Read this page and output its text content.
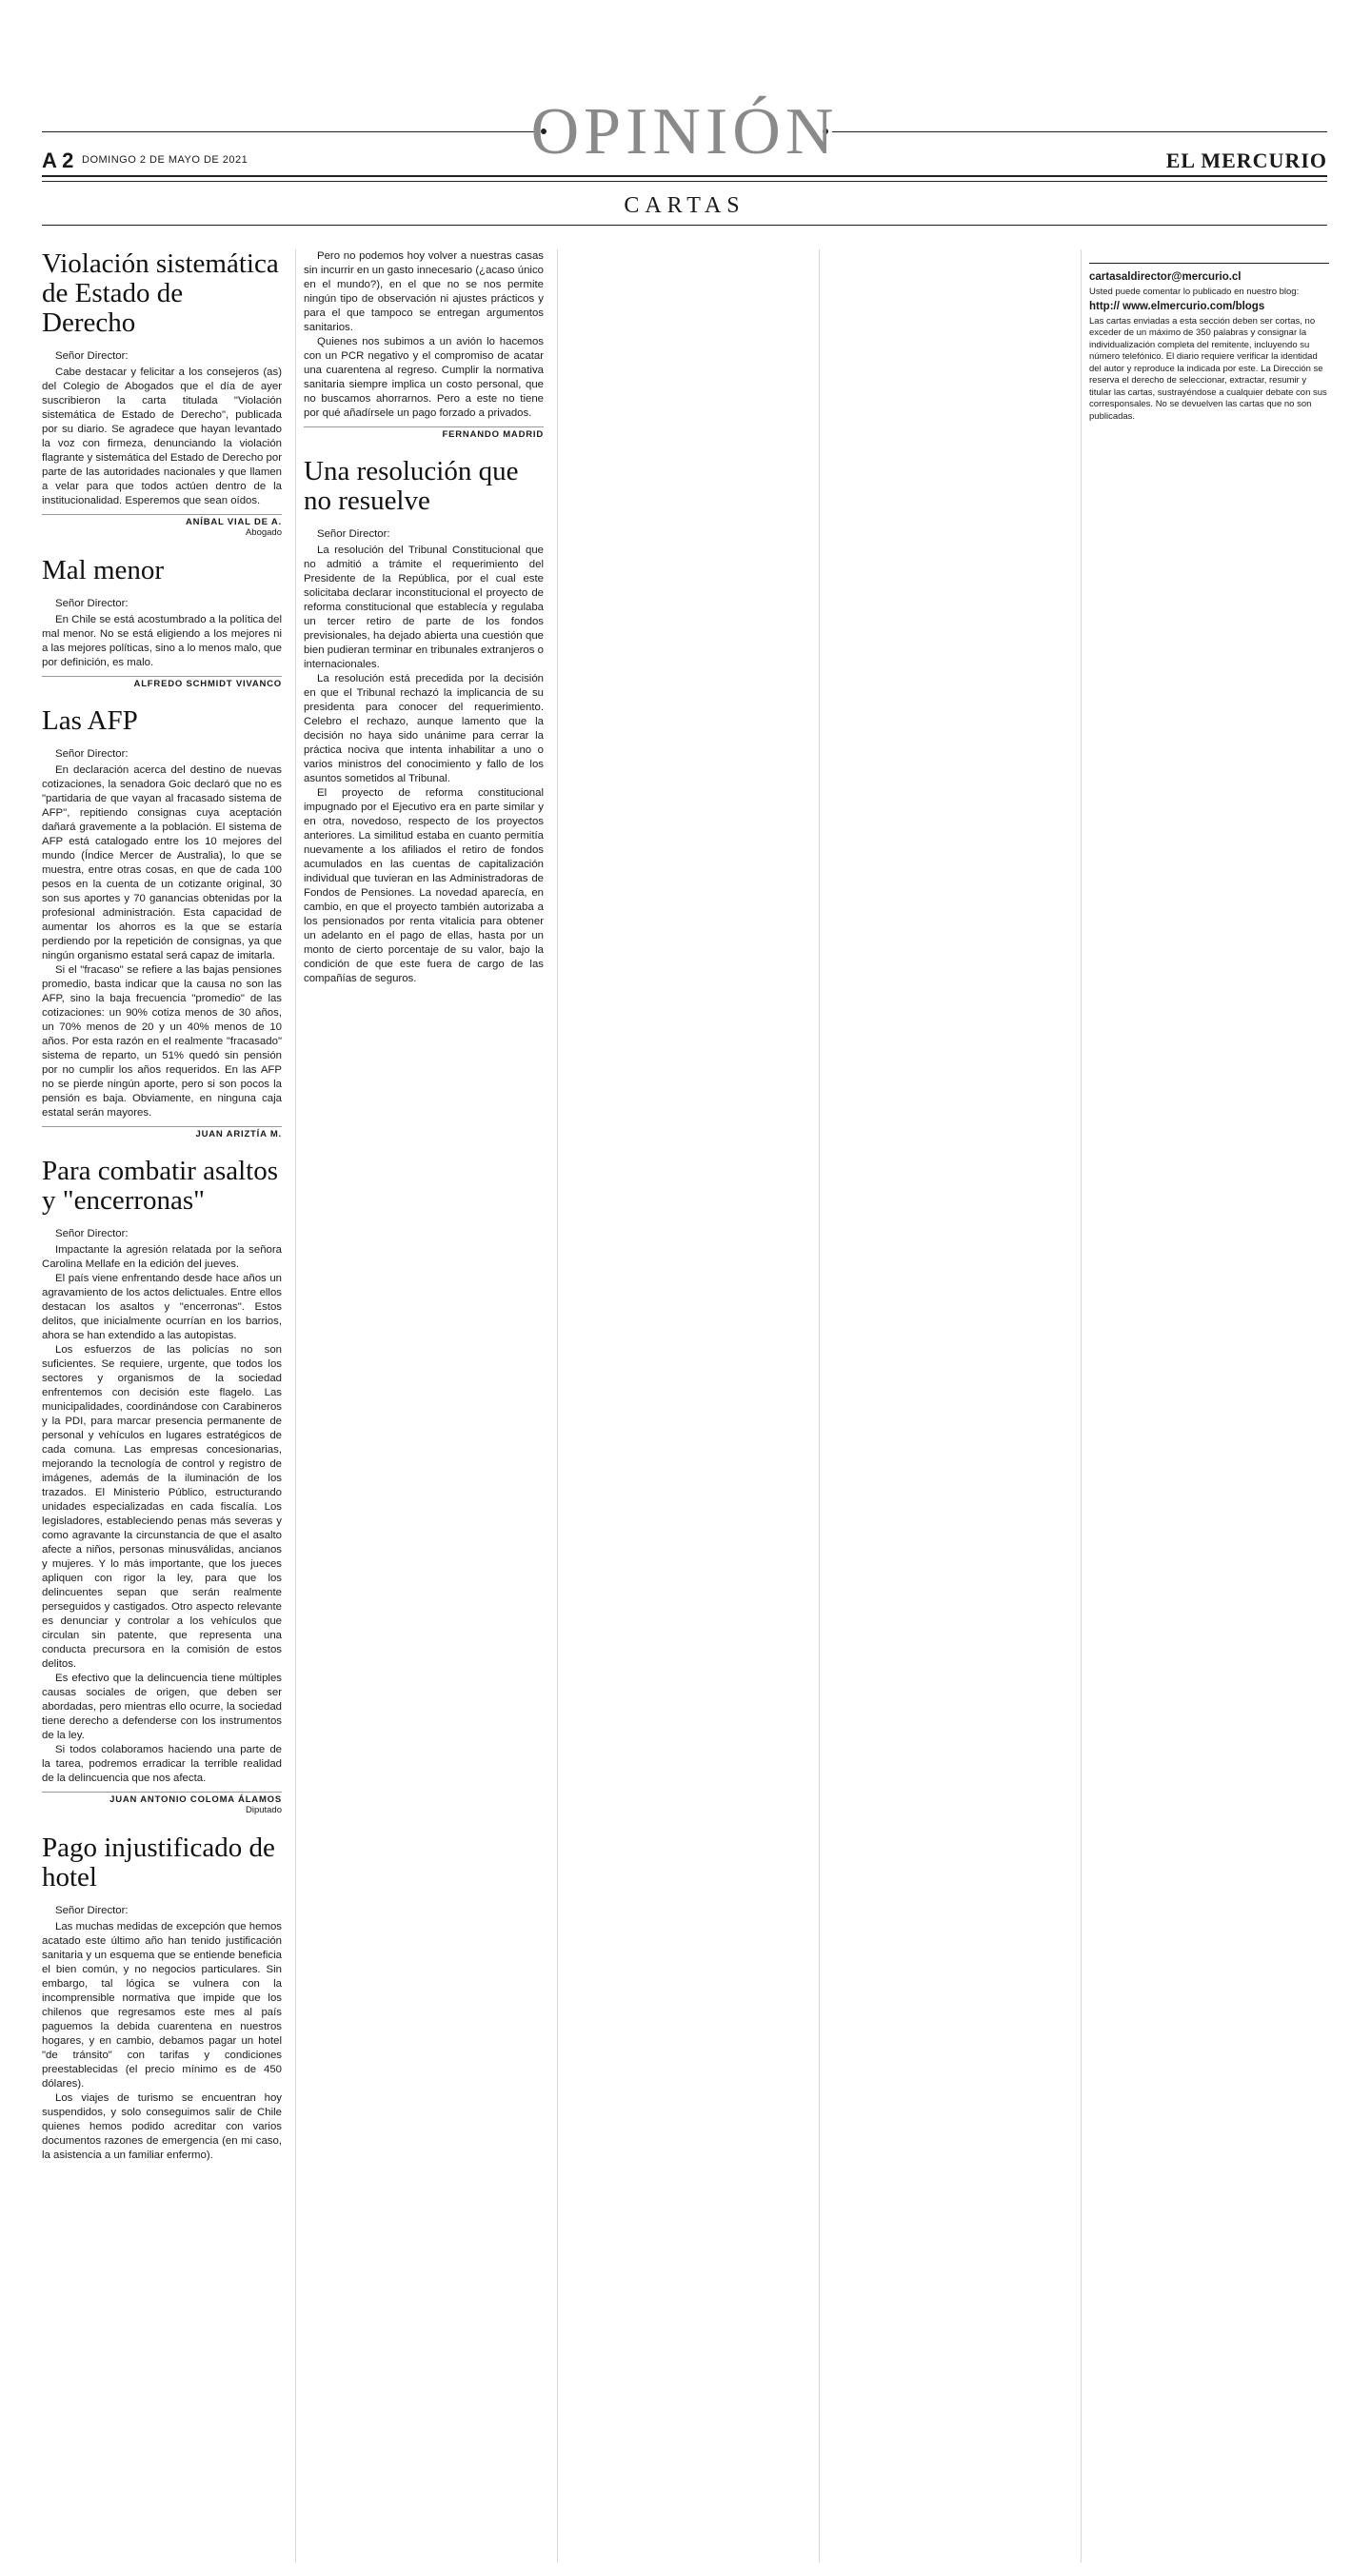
OPINIÓN
A 2 DOMINGO 2 DE MAYO DE 2021	EL MERCURIO
CARTAS
Violación sistemática de Estado de Derecho
Señor Director:

Cabe destacar y felicitar a los consejeros (as) del Colegio de Abogados que el día de ayer suscribieron la carta titulada "Violación sistemática de Estado de Derecho", publicada por su diario. Se agradece que hayan levantado la voz con firmeza, denunciando la violación flagrante y sistemática del Estado de Derecho por parte de las autoridades nacionales y que llamen a velar para que todos actúen dentro de la institucionalidad. Esperemos que sean oídos.

ANÍBAL VIAL DE A.
Abogado
Mal menor
Señor Director:

En Chile se está acostumbrado a la política del mal menor. No se está eligiendo a los mejores ni a las mejores políticas, sino a lo menos malo, que por definición, es malo.

ALFREDO SCHMIDT VIVANCO
Las AFP
Señor Director:

En declaración acerca del destino de nuevas cotizaciones, la senadora Goic declaró que no es "partidaria de que vayan al fracasado sistema de AFP", repitiendo consignas cuya aceptación dañará gravemente a la población. El sistema de AFP está catalogado entre los 10 mejores del mundo (Índice Mercer de Australia), lo que se muestra, entre otras cosas, en que de cada 100 pesos en la cuenta de un cotizante original, 30 son sus aportes y 70 ganancias obtenidas por la profesional administración. Esta capacidad de aumentar los ahorros es la que se estaría perdiendo por la repetición de consignas, ya que ningún organismo estatal será capaz de imitarla.

Si el "fracaso" se refiere a las bajas pensiones promedio, basta indicar que la causa no son las AFP, sino la baja frecuencia "promedio" de las cotizaciones: un 90% cotiza menos de 30 años, un 70% menos de 20 y un 40% menos de 10 años. Por esta razón en el realmente "fracasado" sistema de reparto, un 51% quedó sin pensión por no cumplir los años requeridos. En las AFP no se pierde ningún aporte, pero si son pocos la pensión es baja. Obviamente, en ninguna caja estatal serán mayores.

JUAN ARIZTÍA M.
Para combatir asaltos y "encerronas"
Señor Director:

Impactante la agresión relatada por la señora Carolina Mellafe en la edición del jueves.

El país viene enfrentando desde hace años un agravamiento de los actos delictuales. Entre ellos destacan los asaltos y "encerronas". Estos delitos, que inicialmente ocurrían en los barrios, ahora se han extendido a las autopistas.

Los esfuerzos de las policías no son suficientes. Se requiere, urgente, que todos los sectores y organismos de la sociedad enfrentemos con decisión este flagelo. Las municipalidades, coordinándose con Carabineros y la PDI, para marcar presencia permanente de personal y vehículos en lugares estratégicos de cada comuna. Las empresas concesionarias, mejorando la tecnología de control y registro de imágenes, además de la iluminación de los trazados. El Ministerio Público, estructurando unidades especializadas en cada fiscalía. Los legisladores, estableciendo penas más severas y como agravante la circunstancia de que el asalto afecte a niños, personas minusválidas, ancianos y mujeres. Y lo más importante, que los jueces apliquen con rigor la ley, para que los delincuentes sepan que serán realmente perseguidos y castigados. Otro aspecto relevante es denunciar y controlar a los vehículos que circulan sin patente, que representa una conducta precursora en la comisión de estos delitos.

Es efectivo que la delincuencia tiene múltiples causas sociales de origen, que deben ser abordadas, pero mientras ello ocurre, la sociedad tiene derecho a defenderse con los instrumentos de la ley.

Si todos colaboramos haciendo una parte de la tarea, podremos erradicar la terrible realidad de la delincuencia que nos afecta.

JUAN ANTONIO COLOMA ÁLAMOS
Diputado
Pago injustificado de hotel
Señor Director:

Las muchas medidas de excepción que hemos acatado este último año han tenido justificación sanitaria y un esquema que se entiende beneficia el bien común, y no negocios particulares. Sin embargo, tal lógica se vulnera con la incomprensible normativa que impide que los chilenos que regresamos este mes al país paguemos la debida cuarentena en nuestros hogares, y en cambio, debamos pagar un hotel "de tránsito" con tarifas y condiciones preestablecidas (el precio mínimo es de 450 dólares).

Los viajes de turismo se encuentran hoy suspendidos, y solo conseguimos salir de Chile quienes hemos podido acreditar con varios documentos razones de emergencia (en mi caso, la asistencia a un familiar enfermo).

Pero no podemos hoy volver a nuestras casas sin incurrir en un gasto innecesario (¿acaso único en el mundo?), en el que no se nos permite ningún tipo de observación ni ajustes prácticos y para el que tampoco se entregan argumentos sanitarios.

Quienes nos subimos a un avión lo hacemos con un PCR negativo y el compromiso de acatar una cuarentena al regreso. Cumplir la normativa sanitaria siempre implica un costo personal, que no buscamos ahorrarnos. Pero a este no tiene por qué añadírsele un pago forzado a privados.

FERNANDO MADRID
Una resolución que no resuelve
Señor Director:

La resolución del Tribunal Constitucional que no admitió a trámite el requerimiento del Presidente de la República, por el cual este solicitaba declarar inconstitucional el proyecto de reforma constitucional que establecía y regulaba un tercer retiro de parte de los fondos previsionales, ha dejado abierta una cuestión que bien pudieran terminar en tribunales extranjeros o internacionales.

La resolución está precedida por la decisión en que el Tribunal rechazó la implicancia de su presidenta para conocer del requerimiento. Celebro el rechazo, aunque lamento que la decisión no haya sido unánime para cerrar la práctica nociva que intenta inhabilitar a uno o varios ministros del conocimiento y fallo de los asuntos sometidos al Tribunal.

El proyecto de reforma constitucional impugnado por el Ejecutivo era en parte similar y en otra, novedoso, respecto de los proyectos anteriores. La similitud estaba en cuanto permitía nuevamente a los afiliados el retiro de fondos acumulados en las cuentas de capitalización individual que tuvieran en las Administradoras de Fondos de Pensiones. La novedad aparecía, en cambio, en que el proyecto también autorizaba a los pensionados por renta vitalicia para obtener un adelanto en el pago de ellas, hasta por un monto de cierto porcentaje de su valor, bajo la condición de que este fuera de cargo de las compañías de seguros.

cartasaldirector@mercurio.cl
Usted puede comentar lo publicado en nuestro blog:
http:// www.elmercurio.com/blogs
Las cartas enviadas a esta sección deben ser cortas, no exceder de un máximo de 350 palabras y consignar la individualización completa del remitente, incluyendo su número telefónico. El diario requiere verificar la identidad del autor y reproduce la indicada por este. La Dirección se reserva el derecho de seleccionar, extractar, resumir y titular las cartas, sustrayéndose a cualquier debate con sus corresponsales. No se devuelven las cartas que no son publicadas.
